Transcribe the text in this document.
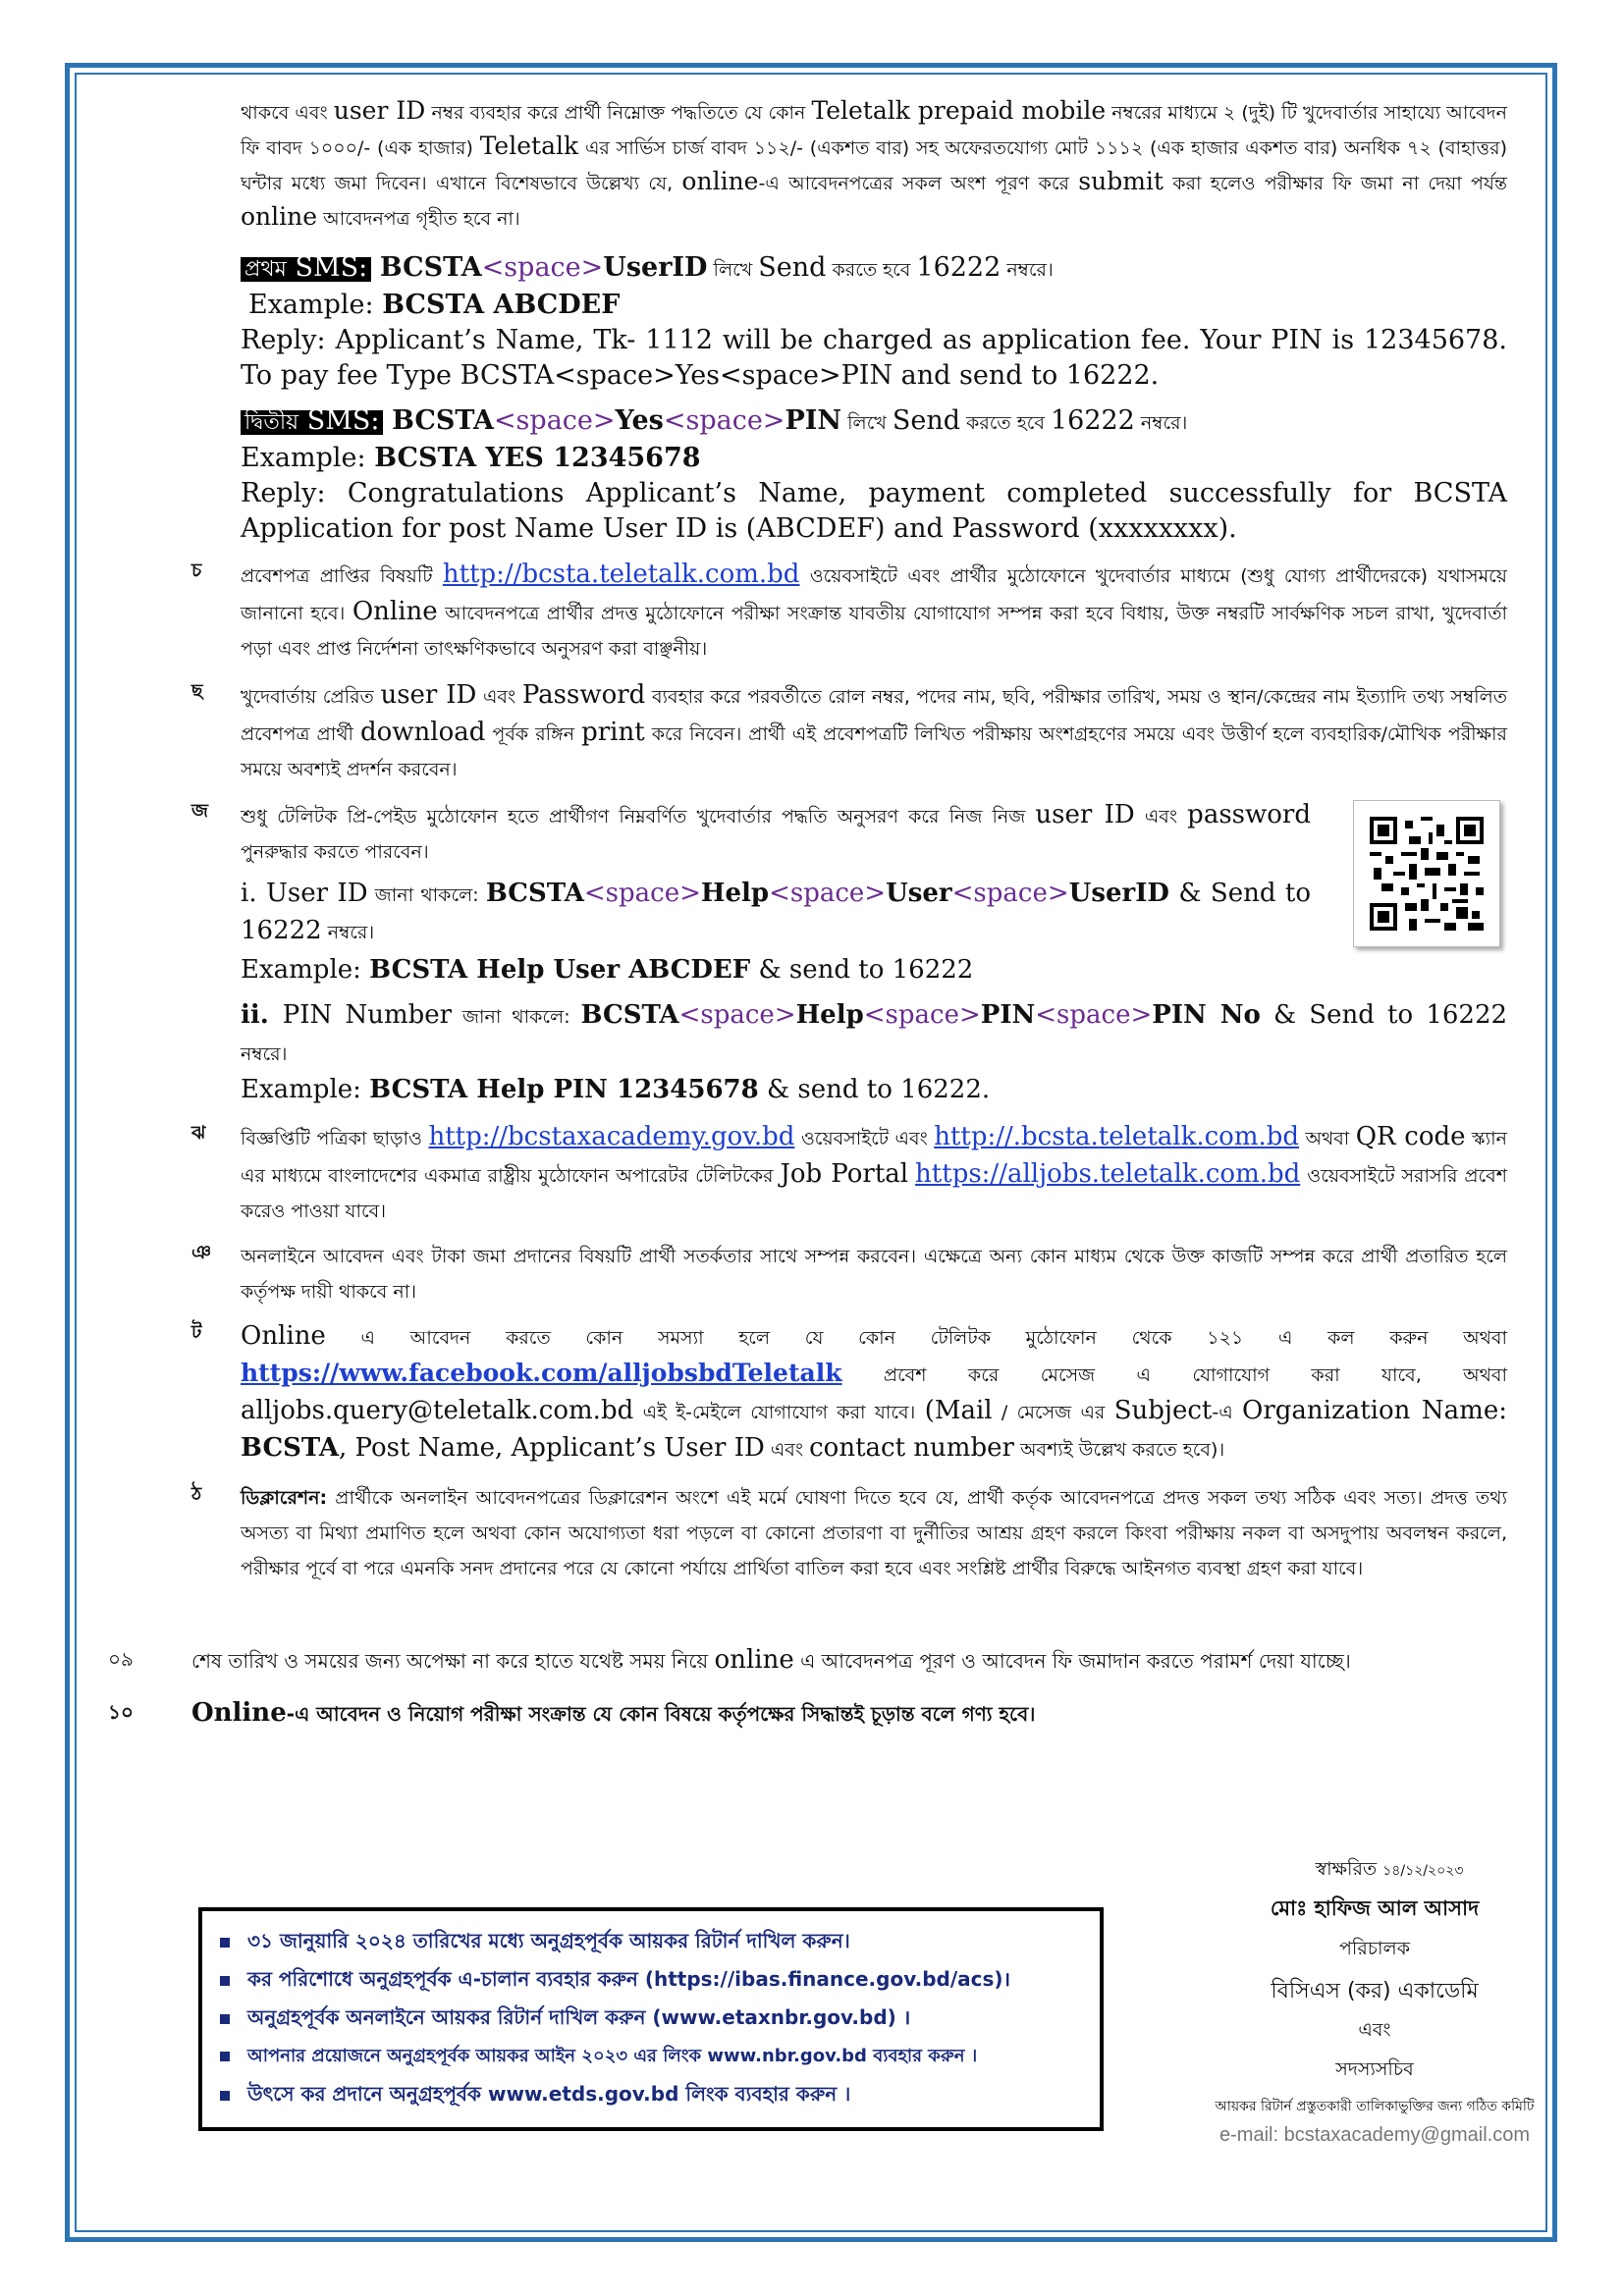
থাকবে এবং user ID নম্বর ব্যবহার করে প্রার্থী নিম্নোক্ত পদ্ধতিতে যে কোন Teletalk prepaid mobile নম্বরের মাধ্যমে ২ (দুই) টি খুদেবার্তার সাহায্যে আবেদন ফি বাবদ ১০০০/- (এক হাজার) Teletalk এর সার্ভিস চার্জ বাবদ ১১২/- (একশত বার) সহ অফেরতযোগ্য মোট ১১১২ (এক হাজার একশত বার) অনধিক ৭২ (বাহাত্তর) ঘন্টার মধ্যে জমা দিবেন। এখানে বিশেষভাবে উল্লেখ্য যে, online-এ আবেদনপত্রের সকল অংশ পূরণ করে submit করা হলেও পরীক্ষার ফি জমা না দেয়া পর্যন্ত online আবেদনপত্র গৃহীত হবে না।
প্রথম SMS: BCSTA<space>UserID লিখে Send করতে হবে 16222 নম্বরে।
Example: BCSTA ABCDEF
Reply: Applicant’s Name, Tk- 1112 will be charged as application fee. Your PIN is 12345678. To pay fee Type BCSTA<space>Yes<space>PIN and send to 16222.
দ্বিতীয় SMS: BCSTA<space>Yes<space>PIN লিখে Send করতে হবে 16222 নম্বরে।
Example: BCSTA YES 12345678
Reply: Congratulations Applicant’s Name, payment completed successfully for BCSTA Application for post Name User ID is (ABCDEF) and Password (xxxxxxxx).
চ প্রবেশপত্র প্রাপ্তির বিষয়টি http://bcsta.teletalk.com.bd ওয়েবসাইটে এবং প্রার্থীর মুঠোফোনে খুদেবার্তার মাধ্যমে (শুধু যোগ্য প্রার্থীদেরকে) যথাসময়ে জানানো হবে। Online আবেদনপত্রে প্রার্থীর প্রদত্ত মুঠোফোনে পরীক্ষা সংক্রান্ত যাবতীয় যোগাযোগ সম্পন্ন করা হবে বিধায়, উক্ত নম্বরটি সার্বক্ষণিক সচল রাখা, খুদেবার্তা পড়া এবং প্রাপ্ত নির্দেশনা তাৎক্ষণিকভাবে অনুসরণ করা বাঞ্ছনীয়।
ছ খুদেবার্তায় প্রেরিত user ID এবং Password ব্যবহার করে পরবর্তীতে রোল নম্বর, পদের নাম, ছবি, পরীক্ষার তারিখ, সময় ও স্থান/কেন্দ্রের নাম ইত্যাদি তথ্য সম্বলিত প্রবেশপত্র প্রার্থী download পূর্বক রঙ্গিন print করে নিবেন। প্রার্থী এই প্রবেশপত্রটি লিখিত পরীক্ষায় অংশগ্রহণের সময়ে এবং উত্তীর্ণ হলে ব্যবহারিক/মৌখিক পরীক্ষার সময়ে অবশ্যই প্রদর্শন করবেন।
জ শুধু টেলিটক প্রি-পেইড মুঠোফোন হতে প্রার্থীগণ নিম্নবর্ণিত খুদেবার্তার পদ্ধতি অনুসরণ করে নিজ নিজ user ID এবং password পুনরুদ্ধার করতে পারবেন।
i. User ID জানা থাকলে: BCSTA<space>Help<space>User<space>UserID & Send to 16222 নম্বরে।
Example: BCSTA Help User ABCDEF & send to 16222
ii. PIN Number জানা থাকলে: BCSTA<space>Help<space>PIN<space>PIN No & Send to 16222 নম্বরে।
Example: BCSTA Help PIN 12345678 & send to 16222.
ঝ বিজ্ঞপ্তিটি পত্রিকা ছাড়াও http://bcstaxacademy.gov.bd ওয়েবসাইটে এবং http://.bcsta.teletalk.com.bd অথবা QR code স্ক্যান এর মাধ্যমে বাংলাদেশের একমাত্র রাষ্ট্রীয় মুঠোফোন অপারেটর টেলিটকের Job Portal https://alljobs.teletalk.com.bd ওয়েবসাইটে সরাসরি প্রবেশ করেও পাওয়া যাবে।
ঞ অনলাইনে আবেদন এবং টাকা জমা প্রদানের বিষয়টি প্রার্থী সতর্কতার সাথে সম্পন্ন করবেন। এক্ষেত্রে অন্য কোন মাধ্যম থেকে উক্ত কাজটি সম্পন্ন করে প্রার্থী প্রতারিত হলে কর্তৃপক্ষ দায়ী থাকবে না।
ট Online এ আবেদন করতে কোন সমস্যা হলে যে কোন টেলিটক মুঠোফোন থেকে ১২১ এ কল করুন অথবা https://www.facebook.com/alljobsbdTeletalk প্রবেশ করে মেসেজ এ যোগাযোগ করা যাবে, অথবা alljobs.query@teletalk.com.bd এই ই-মেইলে যোগাযোগ করা যাবে। (Mail / মেসেজ এর Subject-এ Organization Name: BCSTA, Post Name, Applicant’s User ID এবং contact number অবশ্যই উল্লেখ করতে হবে)।
ঠ ডিক্লারেশন: প্রার্থীকে অনলাইন আবেদনপত্রের ডিক্লারেশন অংশে এই মর্মে ঘোষণা দিতে হবে যে, প্রার্থী কর্তৃক আবেদনপত্রে প্রদত্ত সকল তথ্য সঠিক এবং সত্য। প্রদত্ত তথ্য অসত্য বা মিথ্যা প্রমাণিত হলে অথবা কোন অযোগ্যতা ধরা পড়লে বা কোনো প্রতারণা বা দুর্নীতির আশ্রয় গ্রহণ করলে কিংবা পরীক্ষায় নকল বা অসদুপায় অবলম্বন করলে, পরীক্ষার পূর্বে বা পরে এমনকি সনদ প্রদানের পরে যে কোনো পর্যায়ে প্রার্থিতা বাতিল করা হবে এবং সংশ্লিষ্ট প্রার্থীর বিরুদ্ধে আইনগত ব্যবস্থা গ্রহণ করা যাবে।
০৯	শেষ তারিখ ও সময়ের জন্য অপেক্ষা না করে হাতে যথেষ্ট সময় নিয়ে online এ আবেদনপত্র পূরণ ও আবেদন ফি জমাদান করতে পরামর্শ দেয়া যাচ্ছে।
১০ Online-এ আবেদন ও নিয়োগ পরীক্ষা সংক্রান্ত যে কোন বিষয়ে কর্তৃপক্ষের সিদ্ধান্তই চূড়ান্ত বলে গণ্য হবে।
স্বাক্ষরিত ১৪/১২/২০২৩
মোঃ হাফিজ আল আসাদ
পরিচালক
বিসিএস (কর) একাডেমি
এবং
সদস্যসচিব
আয়কর রিটার্ন প্রস্তুতকারী তালিকাভুক্তির জন্য গঠিত কমিটি
e-mail: bcstaxacademy@gmail.com
৩১ জানুয়ারি ২০২৪ তারিখের মধ্যে অনুগ্রহপূর্বক আয়কর রিটার্ন দাখিল করুন।
কর পরিশোধে অনুগ্রহপূর্বক এ-চালান ব্যবহার করুন (https://ibas.finance.gov.bd/acs)।
অনুগ্রহপূর্বক অনলাইনে আয়কর রিটার্ন দাখিল করুন (www.etaxnbr.gov.bd) ।
আপনার প্রয়োজনে অনুগ্রহপূর্বক আয়কর আইন ২০২৩ এর লিংক www.nbr.gov.bd ব্যবহার করুন ।
উৎসে কর প্রদানে অনুগ্রহপূর্বক www.etds.gov.bd লিংক ব্যবহার করুন ।
